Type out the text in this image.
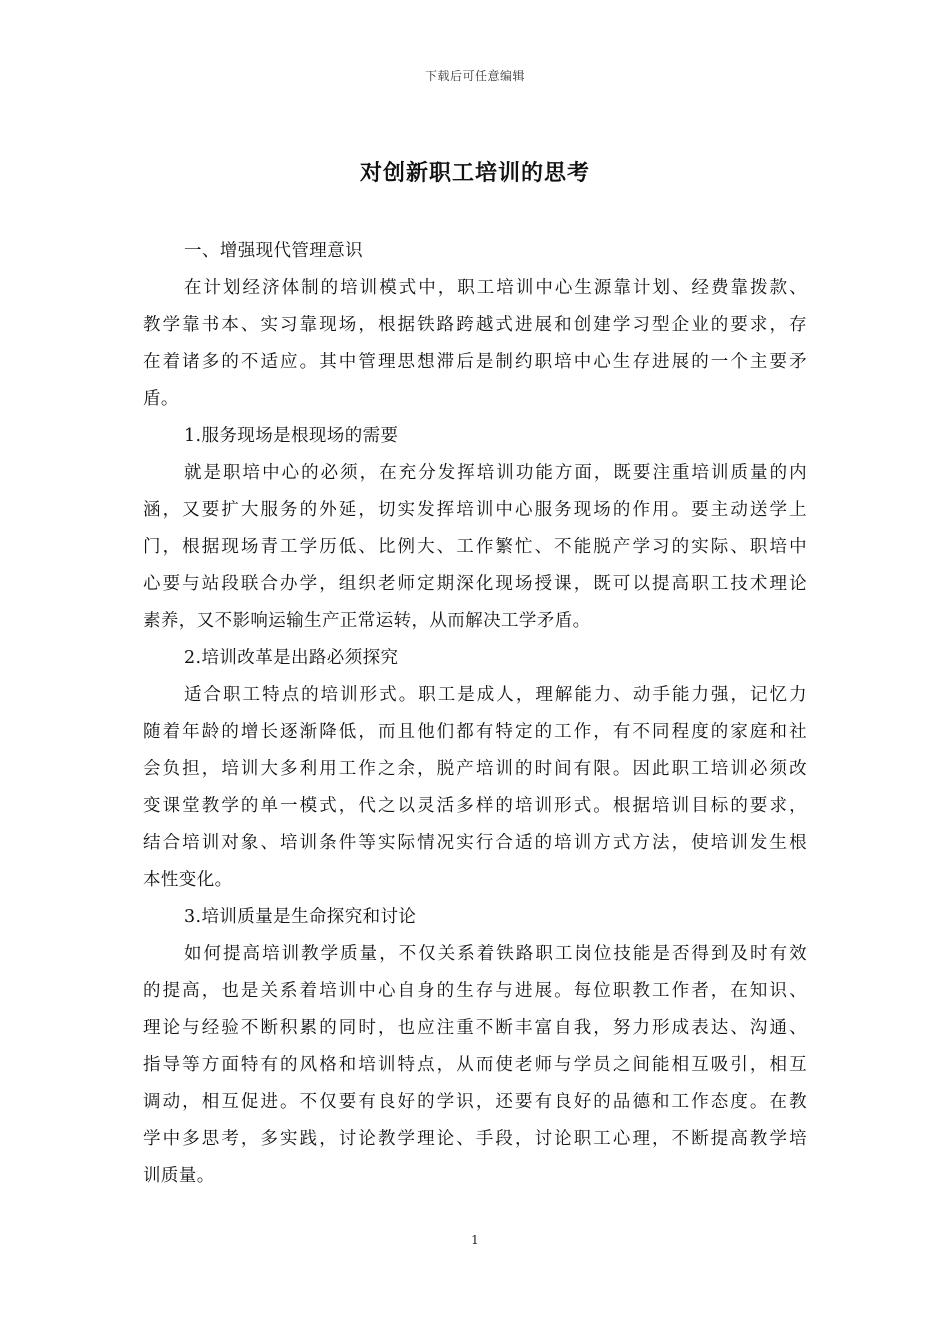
下载后可任意编辑
对创新职工培训的思考
一、增强现代管理意识
在计划经济体制的培训模式中，职工培训中心生源靠计划、经费靠拨款、
教学靠书本、实习靠现场，根据铁路跨越式进展和创建学习型企业的要求，存
在着诸多的不适应。其中管理思想滞后是制约职培中心生存进展的一个主要矛
盾。
1.服务现场是根现场的需要
就是职培中心的必须，在充分发挥培训功能方面，既要注重培训质量的内
涵，又要扩大服务的外延，切实发挥培训中心服务现场的作用。要主动送学上
门，根据现场青工学历低、比例大、工作繁忙、不能脱产学习的实际、职培中
心要与站段联合办学，组织老师定期深化现场授课，既可以提高职工技术理论
素养，又不影响运输生产正常运转，从而解决工学矛盾。
2.培训改革是出路必须探究
适合职工特点的培训形式。职工是成人，理解能力、动手能力强，记忆力
随着年龄的增长逐渐降低，而且他们都有特定的工作，有不同程度的家庭和社
会负担，培训大多利用工作之余，脱产培训的时间有限。因此职工培训必须改
变课堂教学的单一模式，代之以灵活多样的培训形式。根据培训目标的要求，
结合培训对象、培训条件等实际情况实行合适的培训方式方法，使培训发生根
本性变化。
3.培训质量是生命探究和讨论
如何提高培训教学质量，不仅关系着铁路职工岗位技能是否得到及时有效
的提高，也是关系着培训中心自身的生存与进展。每位职教工作者，在知识、
理论与经验不断积累的同时，也应注重不断丰富自我，努力形成表达、沟通、
指导等方面特有的风格和培训特点，从而使老师与学员之间能相互吸引，相互
调动，相互促进。不仅要有良好的学识，还要有良好的品德和工作态度。在教
学中多思考，多实践，讨论教学理论、手段，讨论职工心理，不断提高教学培
训质量。
1
